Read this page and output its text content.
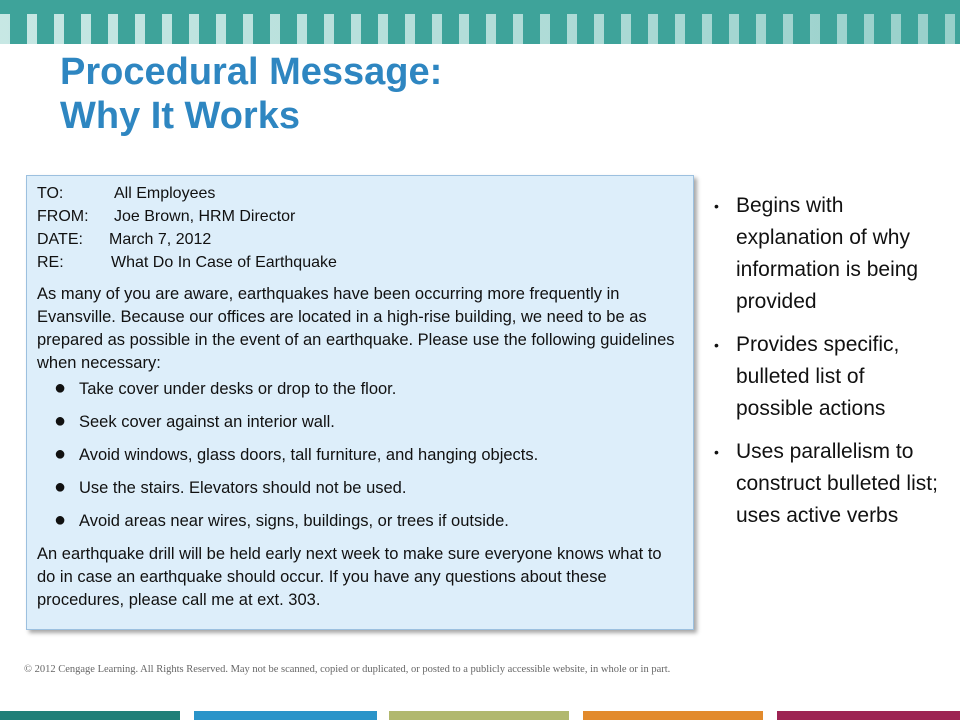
Procedural Message:
Why It Works
TO:	All Employees
FROM: Joe Brown, HRM Director
DATE: March 7, 2012
RE:	What Do In Case of Earthquake

As many of you are aware, earthquakes have been occurring more frequently in Evansville. Because our offices are located in a high-rise building, we need to be as prepared as possible in the event of an earthquake. Please use the following guidelines when necessary:

● Take cover under desks or drop to the floor.
● Seek cover against an interior wall.
● Avoid windows, glass doors, tall furniture, and hanging objects.
● Use the stairs. Elevators should not be used.
● Avoid areas near wires, signs, buildings, or trees if outside.

An earthquake drill will be held early next week to make sure everyone knows what to do in case an earthquake should occur. If you have any questions about these procedures, please call me at ext. 303.

• Begins with explanation of why information is being provided
• Provides specific, bulleted list of possible actions
• Uses parallelism to construct bulleted list; uses active verbs

© 2012 Cengage Learning. All Rights Reserved. May not be scanned, copied or duplicated, or posted to a publicly accessible website, in whole or in part.
